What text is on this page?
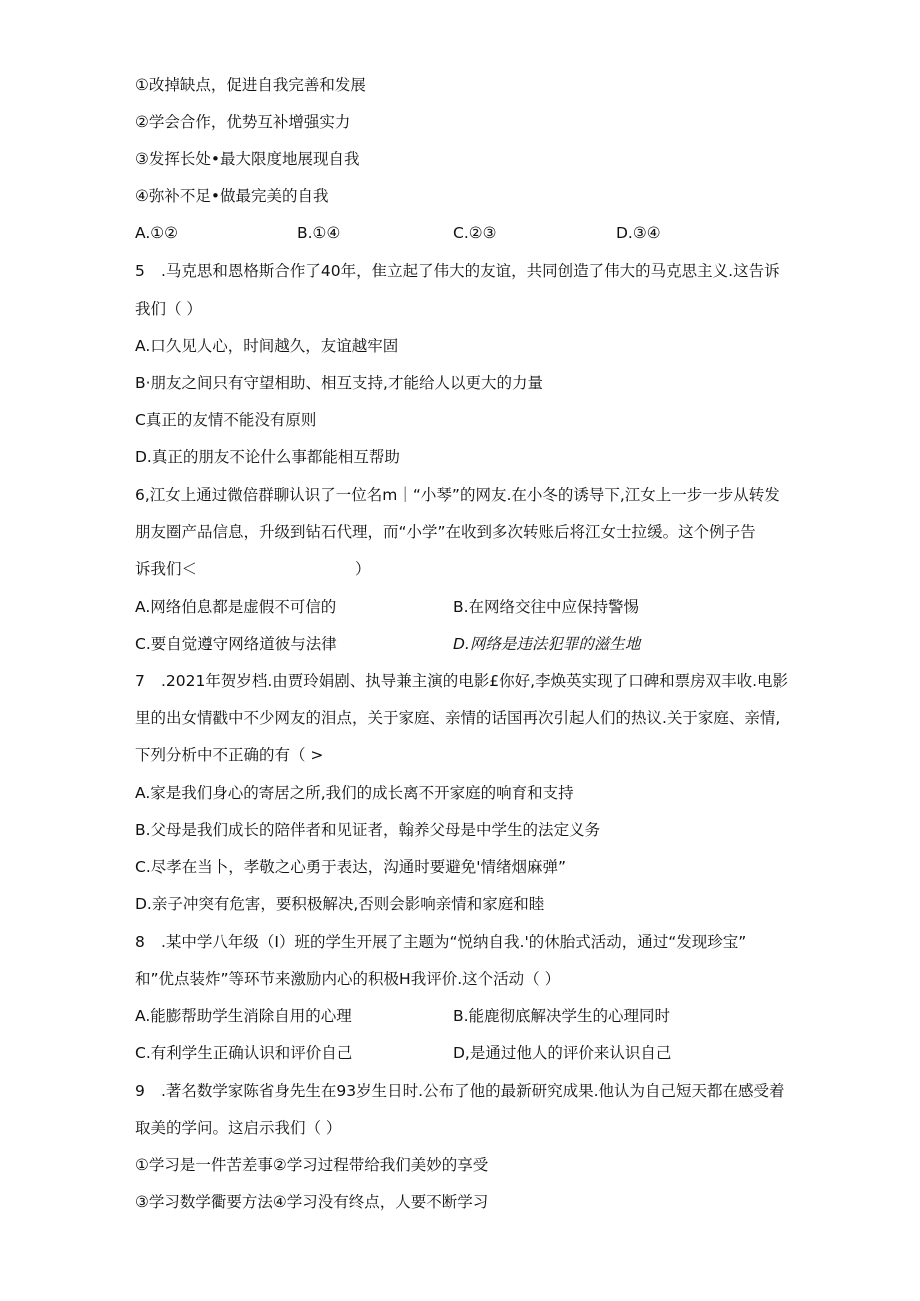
①改掉缺点，促进自我完善和发展
②学会合作，优势互补增强实力
③发挥长处•最大限度地展现自我
④弥补不足•做最完美的自我
A.①②	B.①④	C.②③	D.③④
5 .马克思和恩格斯合作了40年，隹立起了伟大的友谊，共同创造了伟大的马克思主义.这告诉
我们（ ）
A.口久见人心，时间越久，友谊越牢固
B·朋友之间只有守望相助、相互支持,才能给人以更大的力量
C真正的友情不能没有原则
D.真正的朋友不论什么事都能相互帮助
6,江女上通过微倍群聊认识了一位名m｜“小琴”的网友.在小冬的诱导下,江女上一步一步从转发
朋友圈产品信息，升级到钻石代理，而“小学”在收到多次转账后将江女士拉缓。这个例子告
诉我们＜	）
A.网络伯息都是虚假不可信的	B.在网络交往中应保持警惕
C.要自觉遵守网络道彼与法律	D.网络是违法犯罪的滋生地
7 .2021年贺岁档.由贾玲娟剧、执导兼主演的电影£你好,李焕英实现了口碑和票房双丰收.电影
里的出女情戳中不少网友的泪点，关于家庭、亲情的话国再次引起人们的热议.关于家庭、亲情,
下列分析中不正确的有（ >
A.家是我们身心的寄居之所,我们的成长离不开家庭的响育和支持
B.父母是我们成长的陪伴者和见证者，翰养父母是中学生的法定义务
C.尽孝在当卜，孝敬之心勇于表达，沟通时要避免'情绪烟麻弹”
D.亲子冲突有危害，要积极解决,否则会影响亲情和家庭和睦
8 .某中学八年级（I）班的学生开展了主题为“悦纳自我.'的休胎式活动，通过“发现珍宝”
和”优点装炸”等环节来激励内心的积极H我评价.这个活动（ ）
A.能膨帮助学生消除自用的心理	B.能鹿彻底解决学生的心理同时
C.有利学生正确认识和评价自己	D,是通过他人的评价来认识自己
9 .著名数学家陈省身先生在93岁生日时.公布了他的最新研究成果.他认为自己短天都在感受着
取美的学问。这启示我们（ ）
①学习是一件苦差事②学习过程带给我们美妙的享受
③学习数学衢要方法④学习没有终点，人要不断学习
